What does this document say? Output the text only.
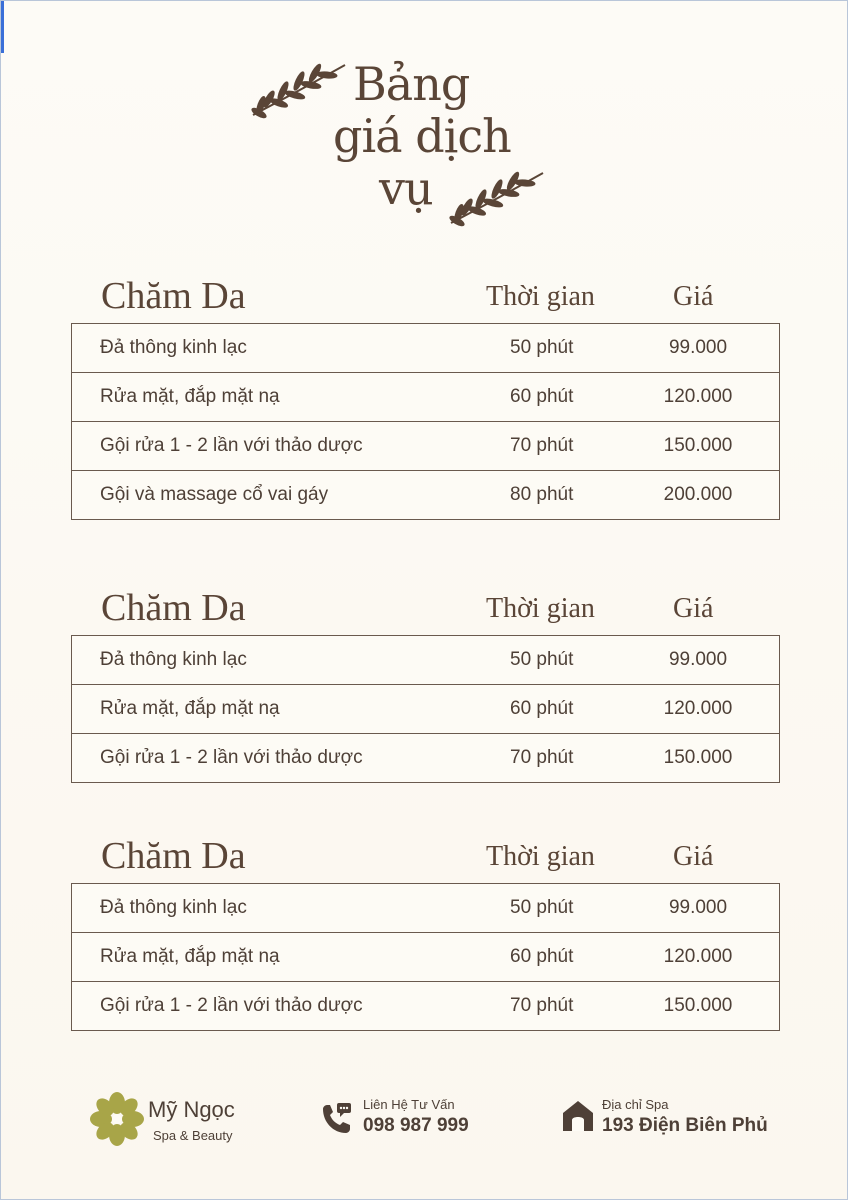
Bảng
giá dịch
vụ
Chăm Da	Thời gian	Giá
Đả thông kinh lạc	50 phút	99.000
Rửa mặt, đắp mặt nạ	60 phút	120.000
Gội rửa 1 - 2 lần với thảo dược	70 phút	150.000
Gội và massage cổ vai gáy	80 phút	200.000
Chăm Da	Thời gian	Giá
Đả thông kinh lạc	50 phút	99.000
Rửa mặt, đắp mặt nạ	60 phút	120.000
Gội rửa 1 - 2 lần với thảo dược	70 phút	150.000
Chăm Da	Thời gian	Giá
Đả thông kinh lạc	50 phút	99.000
Rửa mặt, đắp mặt nạ	60 phút	120.000
Gội rửa 1 - 2 lần với thảo dược	70 phút	150.000
Mỹ Ngọc
Spa & Beauty
Liên Hệ Tư Vấn
098 987 999
Địa chỉ Spa
193 Điện Biên Phủ
